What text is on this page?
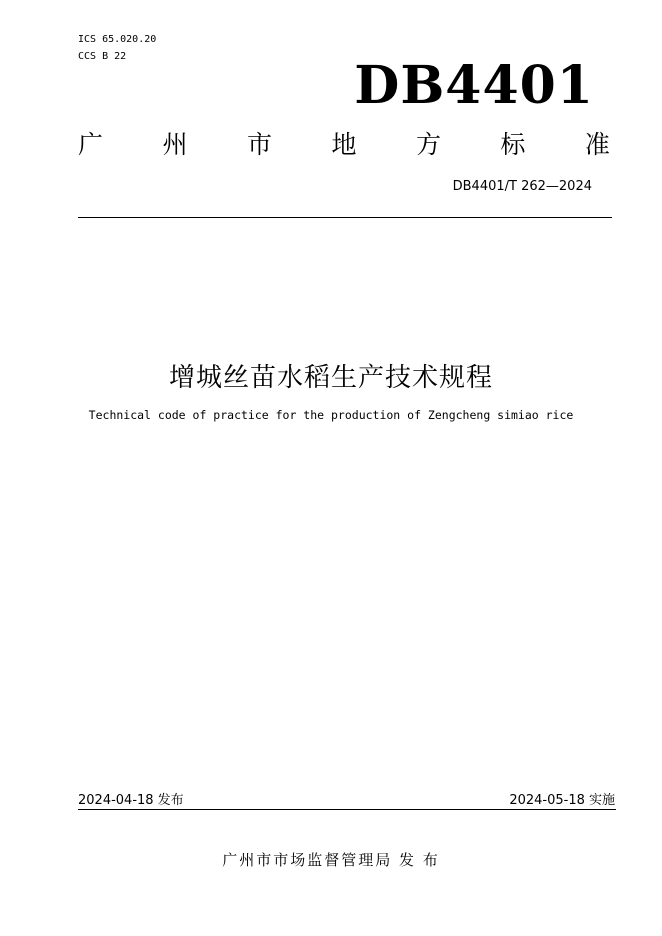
ICS 65.020.20
CCS B 22	DB4401
广 州 市 地 方 标 准
DB4401/T 262—2024
增城丝苗水稻生产技术规程
Technical code of practice for the production of Zengcheng simiao rice
2024-04-18 发布	2024-05-18 实施
广州市市场监督管理局 发 布
